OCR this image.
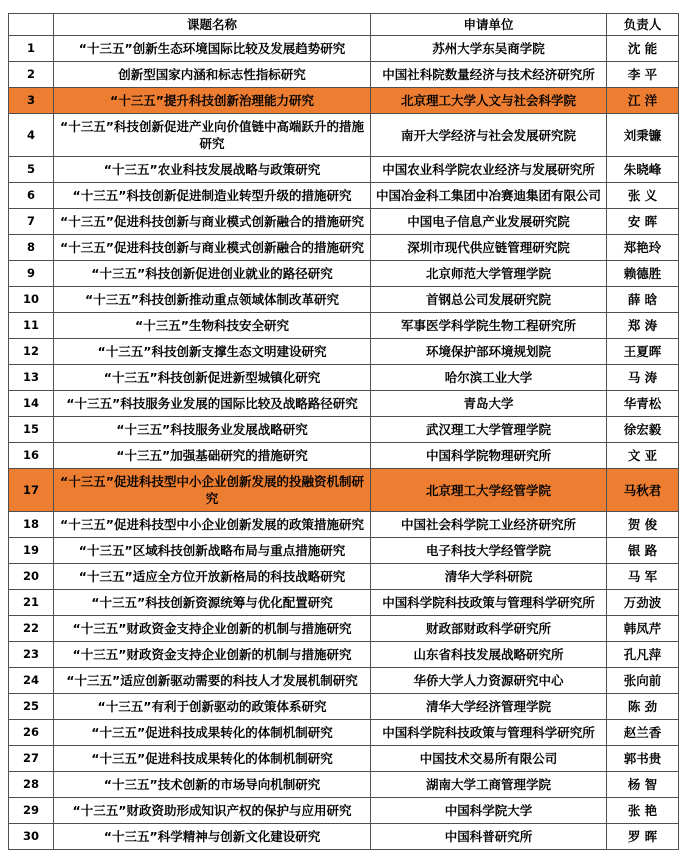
	课题名称	申请单位	负责人
1	“十三五”创新生态环境国际比较及发展趋势研究	苏州大学东吴商学院	沈 能
2	创新型国家内涵和标志性指标研究	中国社科院数量经济与技术经济研究所	李 平
3	“十三五”提升科技创新治理能力研究	北京理工大学人文与社会科学院	江 洋
4	“十三五”科技创新促进产业向价值链中高端跃升的措施研究	南开大学经济与社会发展研究院	刘秉镰
5	“十三五”农业科技发展战略与政策研究	中国农业科学院农业经济与发展研究所	朱晓峰
6	“十三五”科技创新促进制造业转型升级的措施研究	中国冶金科工集团中冶赛迪集团有限公司	张 义
7	“十三五”促进科技创新与商业模式创新融合的措施研究	中国电子信息产业发展研究院	安 晖
8	“十三五”促进科技创新与商业模式创新融合的措施研究	深圳市现代供应链管理研究院	郑艳玲
9	“十三五”科技创新促进创业就业的路径研究	北京师范大学管理学院	赖德胜
10	“十三五”科技创新推动重点领域体制改革研究	首钢总公司发展研究院	薛 晗
11	“十三五”生物科技安全研究	军事医学科学院生物工程研究所	郑 涛
12	“十三五”科技创新支撑生态文明建设研究	环境保护部环境规划院	王夏晖
13	“十三五”科技创新促进新型城镇化研究	哈尔滨工业大学	马 涛
14	“十三五”科技服务业发展的国际比较及战略路径研究	青岛大学	华青松
15	“十三五”科技服务业发展战略研究	武汉理工大学管理学院	徐宏毅
16	“十三五”加强基础研究的措施研究	中国科学院物理研究所	文 亚
17	“十三五”促进科技型中小企业创新发展的投融资机制研究	北京理工大学经管学院	马秋君
18	“十三五”促进科技型中小企业创新发展的政策措施研究	中国社会科学院工业经济研究所	贺 俊
19	“十三五”区域科技创新战略布局与重点措施研究	电子科技大学经管学院	银 路
20	“十三五”适应全方位开放新格局的科技战略研究	清华大学科研院	马 军
21	“十三五”科技创新资源统筹与优化配置研究	中国科学院科技政策与管理科学研究所	万劲波
22	“十三五”财政资金支持企业创新的机制与措施研究	财政部财政科学研究所	韩凤芹
23	“十三五”财政资金支持企业创新的机制与措施研究	山东省科技发展战略研究所	孔凡萍
24	“十三五”适应创新驱动需要的科技人才发展机制研究	华侨大学人力资源研究中心	张向前
25	“十三五”有利于创新驱动的政策体系研究	清华大学经济管理学院	陈 劲
26	“十三五”促进科技成果转化的体制机制研究	中国科学院科技政策与管理科学研究所	赵兰香
27	“十三五”促进科技成果转化的体制机制研究	中国技术交易所有限公司	郭书贵
28	“十三五”技术创新的市场导向机制研究	湖南大学工商管理学院	杨 智
29	“十三五”财政资助形成知识产权的保护与应用研究	中国科学院大学	张 艳
30	“十三五”科学精神与创新文化建设研究	中国科普研究所	罗 晖
